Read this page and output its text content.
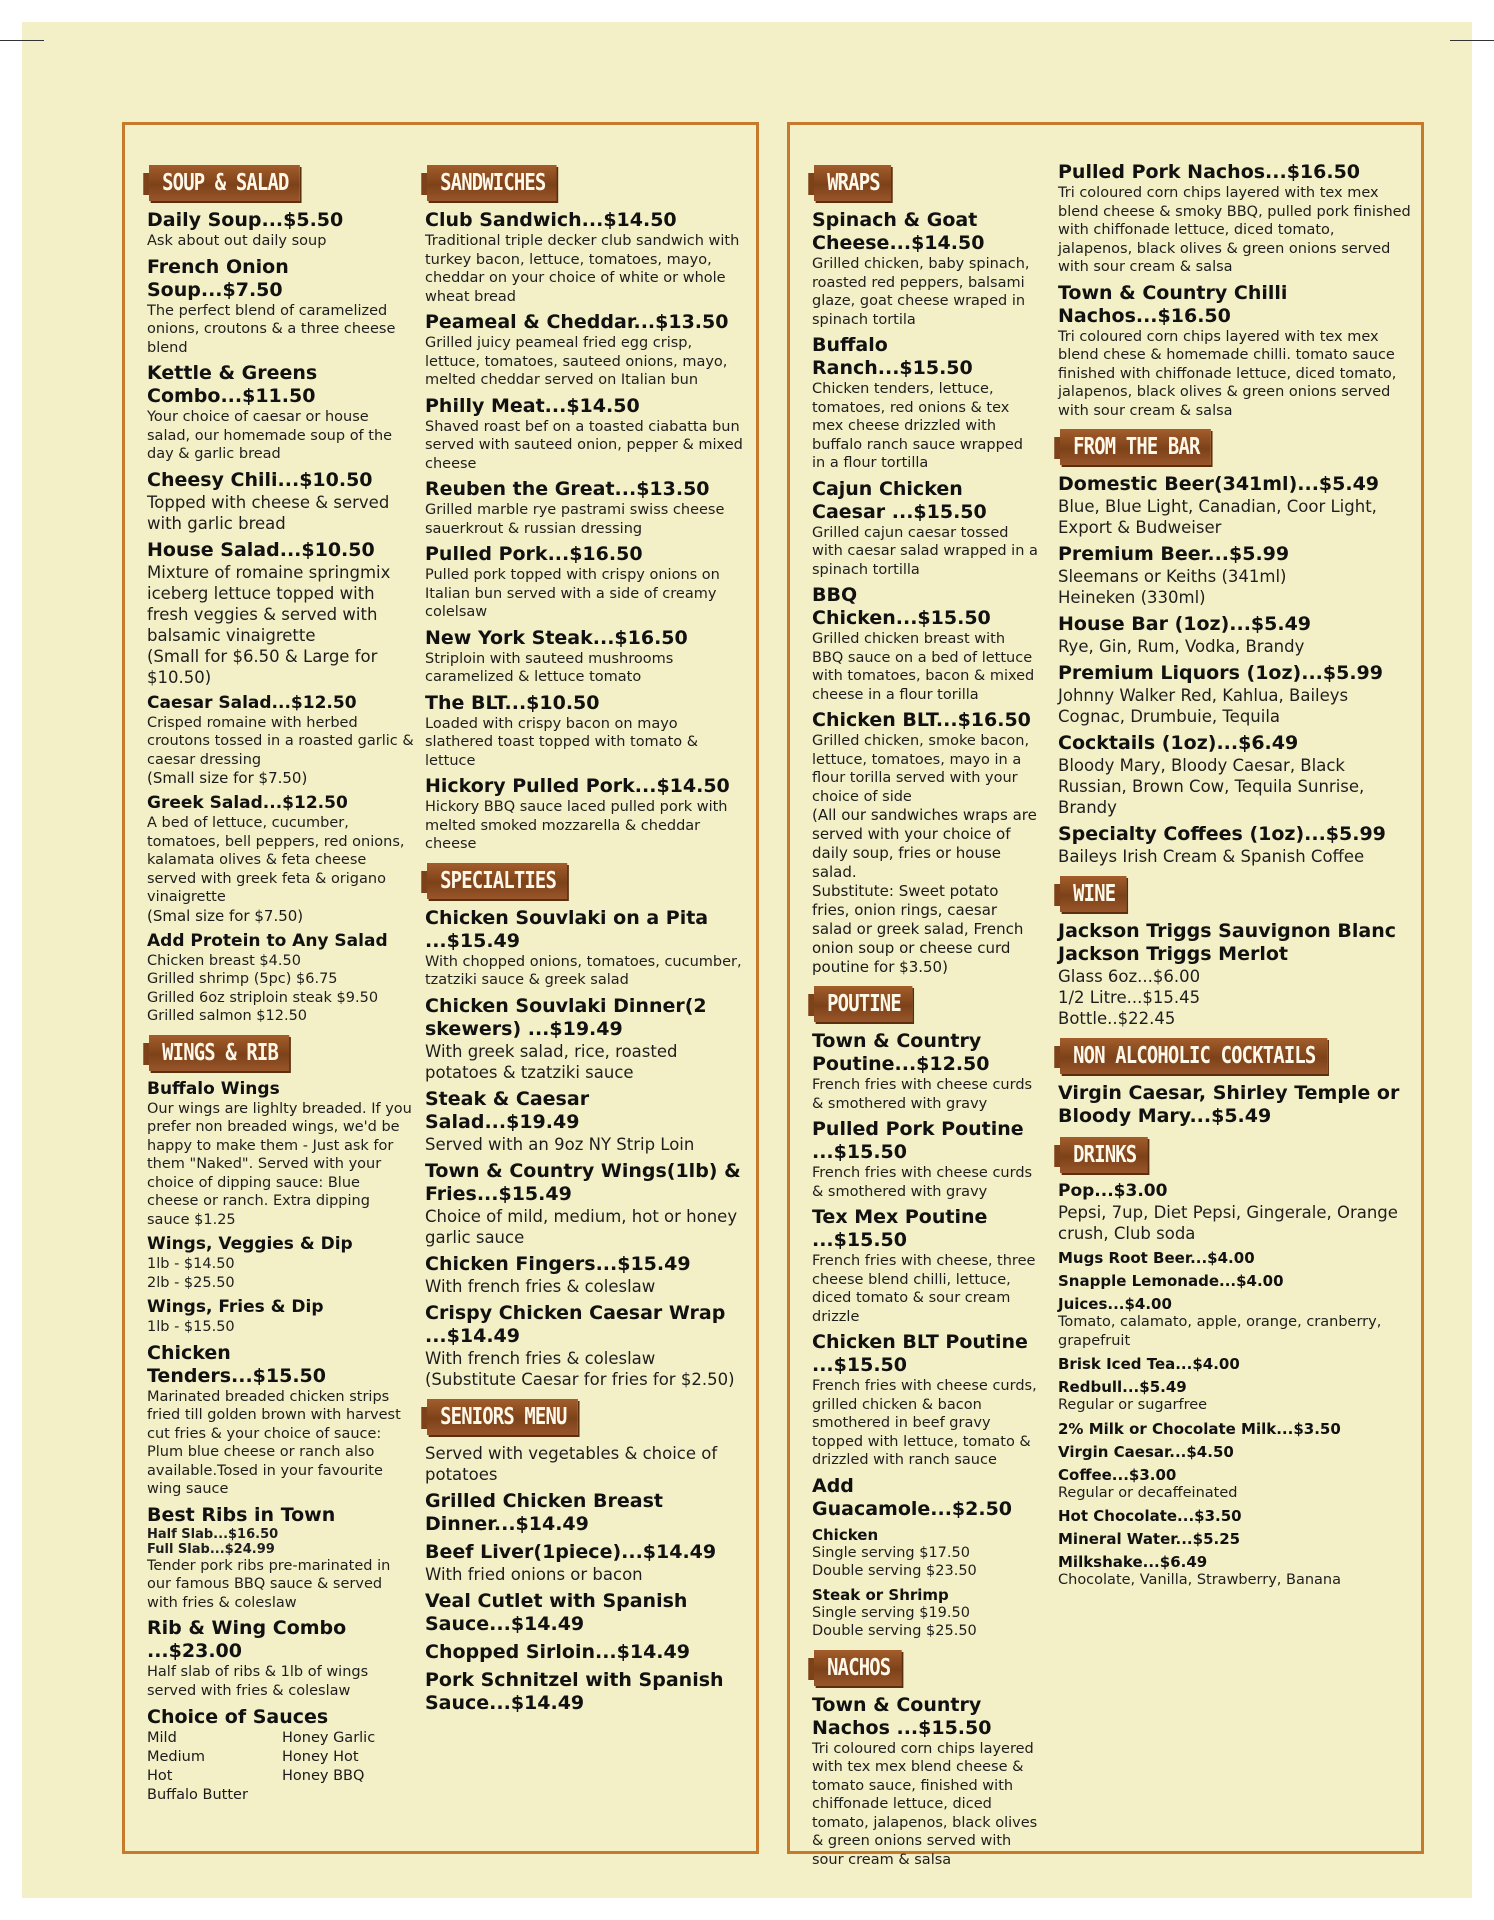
SOUP & SALAD
Daily Soup...$5.50
Ask about out daily soup
French Onion Soup...$7.50
The perfect blend of caramelized onions, croutons & a three cheese blend
Kettle & Greens Combo...$11.50
Your choice of caesar or house salad, our homemade soup of the day & garlic bread
Cheesy Chili...$10.50
Topped with cheese & served with garlic bread
House Salad...$10.50
Mixture of romaine springmix iceberg lettuce topped with fresh veggies & served with balsamic vinaigrette
(Small for $6.50 & Large for $10.50)
Caesar Salad...$12.50
Crisped romaine with herbed croutons tossed in a roasted garlic & caesar dressing
(Small size for $7.50)
Greek Salad...$12.50
A bed of lettuce, cucumber, tomatoes, bell peppers, red onions, kalamata olives & feta cheese served with greek feta & origano vinaigrette
(Smal size for $7.50)
Add Protein to Any Salad
Chicken breast $4.50
Grilled shrimp (5pc) $6.75
Grilled 6oz striploin steak $9.50
Grilled salmon $12.50
WINGS & RIB
Buffalo Wings
Our wings are lighlty breaded. If you prefer non breaded wings, we'd be happy to make them - Just ask for them "Naked". Served with your choice of dipping sauce: Blue cheese or ranch. Extra dipping sauce $1.25
Wings, Veggies & Dip
1lb - $14.50
2lb - $25.50
Wings, Fries & Dip
1lb - $15.50
Chicken Tenders...$15.50
Marinated breaded chicken strips fried till golden brown with harvest cut fries & your choice of sauce: Plum blue cheese or ranch also available.Tosed in your favourite wing sauce
Best Ribs in Town
Half Slab...$16.50
Full Slab...$24.99
Tender pork ribs pre-marinated in our famous BBQ sauce & served with fries & coleslaw
Rib & Wing Combo ...$23.00
Half slab of ribs & 1lb of wings served with fries & coleslaw
Choice of Sauces
Mild
Medium
Hot
Buffalo Butter
Honey Garlic
Honey Hot
Honey BBQ
SANDWICHES
Club Sandwich...$14.50
Traditional triple decker club sandwich with turkey bacon, lettuce, tomatoes, mayo, cheddar on your choice of white or whole wheat bread
Peameal & Cheddar...$13.50
Grilled juicy peameal fried egg crisp, lettuce, tomatoes, sauteed onions, mayo, melted cheddar served on Italian bun
Philly Meat...$14.50
Shaved roast bef on a toasted ciabatta bun served with sauteed onion, pepper & mixed cheese
Reuben the Great...$13.50
Grilled marble rye pastrami swiss cheese sauerkrout & russian dressing
Pulled Pork...$16.50
Pulled pork topped with crispy onions on Italian bun served with a side of creamy colelsaw
New York Steak...$16.50
Striploin with sauteed mushrooms caramelized & lettuce tomato
The BLT...$10.50
Loaded with crispy bacon on mayo slathered toast topped with tomato & lettuce
Hickory Pulled Pork...$14.50
Hickory BBQ sauce laced pulled pork with melted smoked mozzarella & cheddar cheese
SPECIALTIES
Chicken Souvlaki on a Pita ...$15.49
With chopped onions, tomatoes, cucumber, tzatziki sauce & greek salad
Chicken Souvlaki Dinner(2 skewers) ...$19.49
With greek salad, rice, roasted potatoes & tzatziki sauce
Steak & Caesar Salad...$19.49
Served with an 9oz NY Strip Loin
Town & Country Wings(1lb) & Fries...$15.49
Choice of mild, medium, hot or honey garlic sauce
Chicken Fingers...$15.49
With french fries & coleslaw
Crispy Chicken Caesar Wrap ...$14.49
With french fries & coleslaw
(Substitute Caesar for fries for $2.50)
SENIORS MENU
Served with vegetables & choice of potatoes
Grilled Chicken Breast Dinner...$14.49
Beef Liver(1piece)...$14.49
With fried onions or bacon
Veal Cutlet with Spanish Sauce...$14.49
Chopped Sirloin...$14.49
Pork Schnitzel with Spanish Sauce...$14.49
WRAPS
Spinach & Goat Cheese...$14.50
Grilled chicken, baby spinach, roasted red peppers, balsami glaze, goat cheese wraped in spinach tortila
Buffalo Ranch...$15.50
Chicken tenders, lettuce, tomatoes, red onions & tex mex cheese drizzled with buffalo ranch sauce wrapped in a flour tortilla
Cajun Chicken Caesar ...$15.50
Grilled cajun caesar tossed with caesar salad wrapped in a spinach tortilla
BBQ Chicken...$15.50
Grilled chicken breast with BBQ sauce on a bed of lettuce with tomatoes, bacon & mixed cheese in a flour torilla
Chicken BLT...$16.50
Grilled chicken, smoke bacon, lettuce, tomatoes, mayo in a flour torilla served with your choice of side
(All our sandwiches wraps are served with your choice of daily soup, fries or house salad.
Substitute: Sweet potato fries, onion rings, caesar salad or greek salad, French onion soup or cheese curd poutine for $3.50)
POUTINE
Town & Country Poutine...$12.50
French fries with cheese curds & smothered with gravy
Pulled Pork Poutine ...$15.50
French fries with cheese curds & smothered with gravy
Tex Mex Poutine ...$15.50
French fries with cheese, three cheese blend chilli, lettuce, diced tomato & sour cream drizzle
Chicken BLT Poutine ...$15.50
French fries with cheese curds, grilled chicken & bacon smothered in beef gravy topped with lettuce, tomato & drizzled with ranch sauce
Add Guacamole...$2.50
Chicken
Single serving $17.50
Double serving $23.50
Steak or Shrimp
Single serving $19.50
Double serving $25.50
NACHOS
Town & Country Nachos ...$15.50
Tri coloured corn chips layered with tex mex blend cheese & tomato sauce, finished with chiffonade lettuce, diced tomato, jalapenos, black olives & green onions served with sour cream & salsa
Pulled Pork Nachos...$16.50
Tri coloured corn chips layered with tex mex blend cheese & smoky BBQ, pulled pork finished with chiffonade lettuce, diced tomato, jalapenos, black olives & green onions served with sour cream & salsa
Town & Country Chilli Nachos...$16.50
Tri coloured corn chips layered with tex mex blend chese & homemade chilli. tomato sauce finished with chiffonade lettuce, diced tomato, jalapenos, black olives & green onions served with sour cream & salsa
FROM THE BAR
Domestic Beer(341ml)...$5.49
Blue, Blue Light, Canadian, Coor Light, Export & Budweiser
Premium Beer...$5.99
Sleemans or Keiths (341ml)
Heineken (330ml)
House Bar (1oz)...$5.49
Rye, Gin, Rum, Vodka, Brandy
Premium Liquors (1oz)...$5.99
Johnny Walker Red, Kahlua, Baileys Cognac, Drumbuie, Tequila
Cocktails (1oz)...$6.49
Bloody Mary, Bloody Caesar, Black Russian, Brown Cow, Tequila Sunrise, Brandy
Specialty Coffees (1oz)...$5.99
Baileys Irish Cream & Spanish Coffee
WINE
Jackson Triggs Sauvignon Blanc
Jackson Triggs Merlot
Glass 6oz...$6.00
1/2 Litre...$15.45
Bottle..$22.45
NON ALCOHOLIC COCKTAILS
Virgin Caesar, Shirley Temple or Bloody Mary...$5.49
DRINKS
Pop...$3.00
Pepsi, 7up, Diet Pepsi, Gingerale, Orange crush, Club soda
Mugs Root Beer...$4.00
Snapple Lemonade...$4.00
Juices...$4.00
Tomato, calamato, apple, orange, cranberry, grapefruit
Brisk Iced Tea...$4.00
Redbull...$5.49
Regular or sugarfree
2% Milk or Chocolate Milk...$3.50
Virgin Caesar...$4.50
Coffee...$3.00
Regular or decaffeinated
Hot Chocolate...$3.50
Mineral Water...$5.25
Milkshake...$6.49
Chocolate, Vanilla, Strawberry, Banana
